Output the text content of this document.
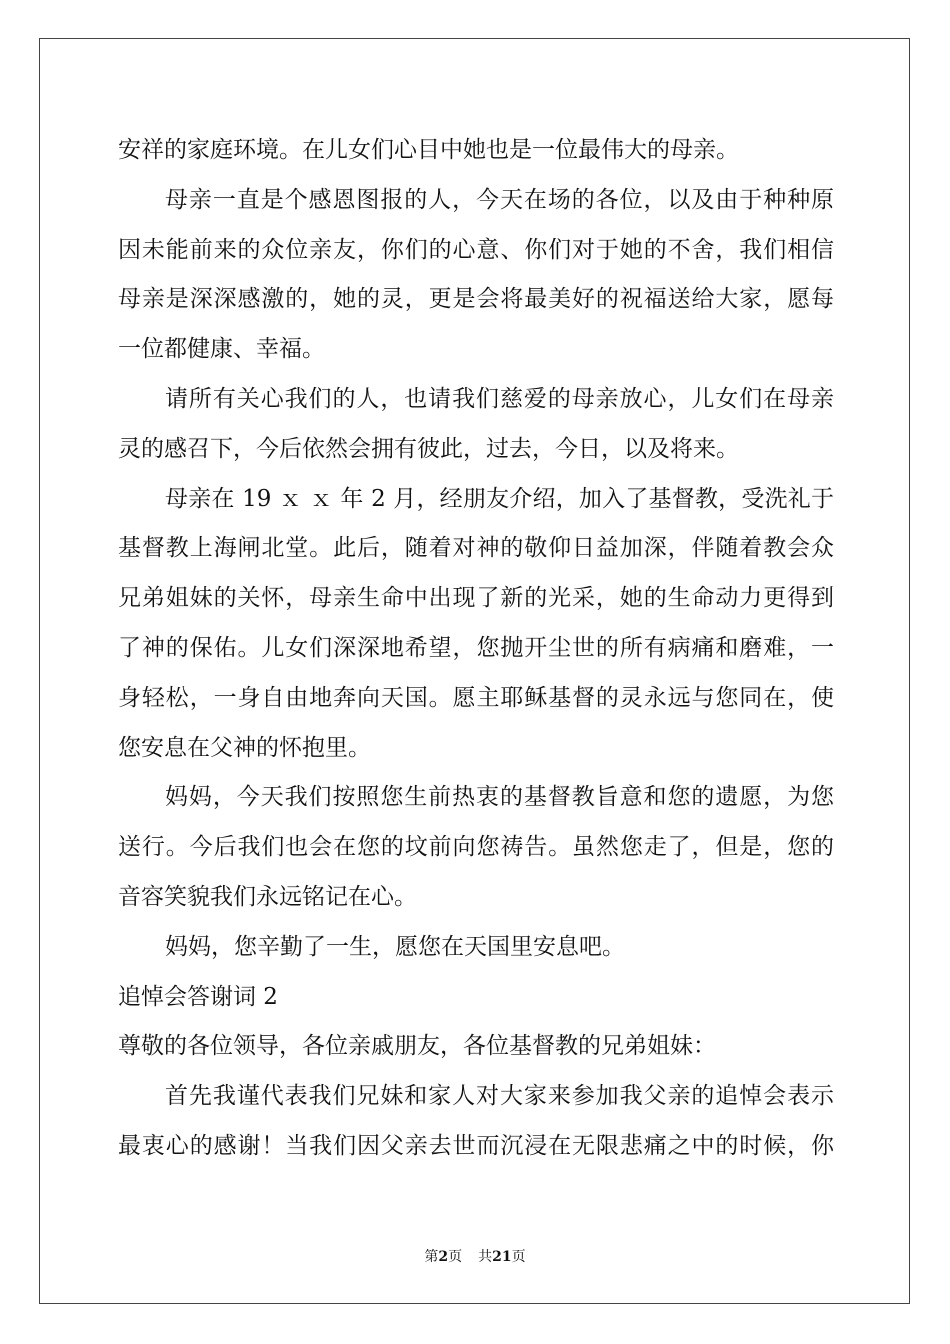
安祥的家庭环境。在儿女们心目中她也是一位最伟大的母亲。
母亲一直是个感恩图报的人，今天在场的各位，以及由于种种原
因未能前来的众位亲友，你们的心意、你们对于她的不舍，我们相信
母亲是深深感激的，她的灵，更是会将最美好的祝福送给大家，愿每
一位都健康、幸福。
请所有关心我们的人，也请我们慈爱的母亲放心，儿女们在母亲
灵的感召下，今后依然会拥有彼此，过去，今日，以及将来。
母亲在 19 ｘ ｘ 年 2 月，经朋友介绍，加入了基督教，受洗礼于
基督教上海闸北堂。此后，随着对神的敬仰日益加深，伴随着教会众
兄弟姐妹的关怀，母亲生命中出现了新的光采，她的生命动力更得到
了神的保佑。儿女们深深地希望，您抛开尘世的所有病痛和磨难，一
身轻松，一身自由地奔向天国。愿主耶稣基督的灵永远与您同在，使
您安息在父神的怀抱里。
妈妈，今天我们按照您生前热衷的基督教旨意和您的遗愿，为您
送行。今后我们也会在您的坟前向您祷告。虽然您走了，但是，您的
音容笑貌我们永远铭记在心。
妈妈，您辛勤了一生，愿您在天国里安息吧。
追悼会答谢词 2
尊敬的各位领导，各位亲戚朋友，各位基督教的兄弟姐妹：
首先我谨代表我们兄妹和家人对大家来参加我父亲的追悼会表示
最衷心的感谢！当我们因父亲去世而沉浸在无限悲痛之中的时候，你
第2页 共21页
